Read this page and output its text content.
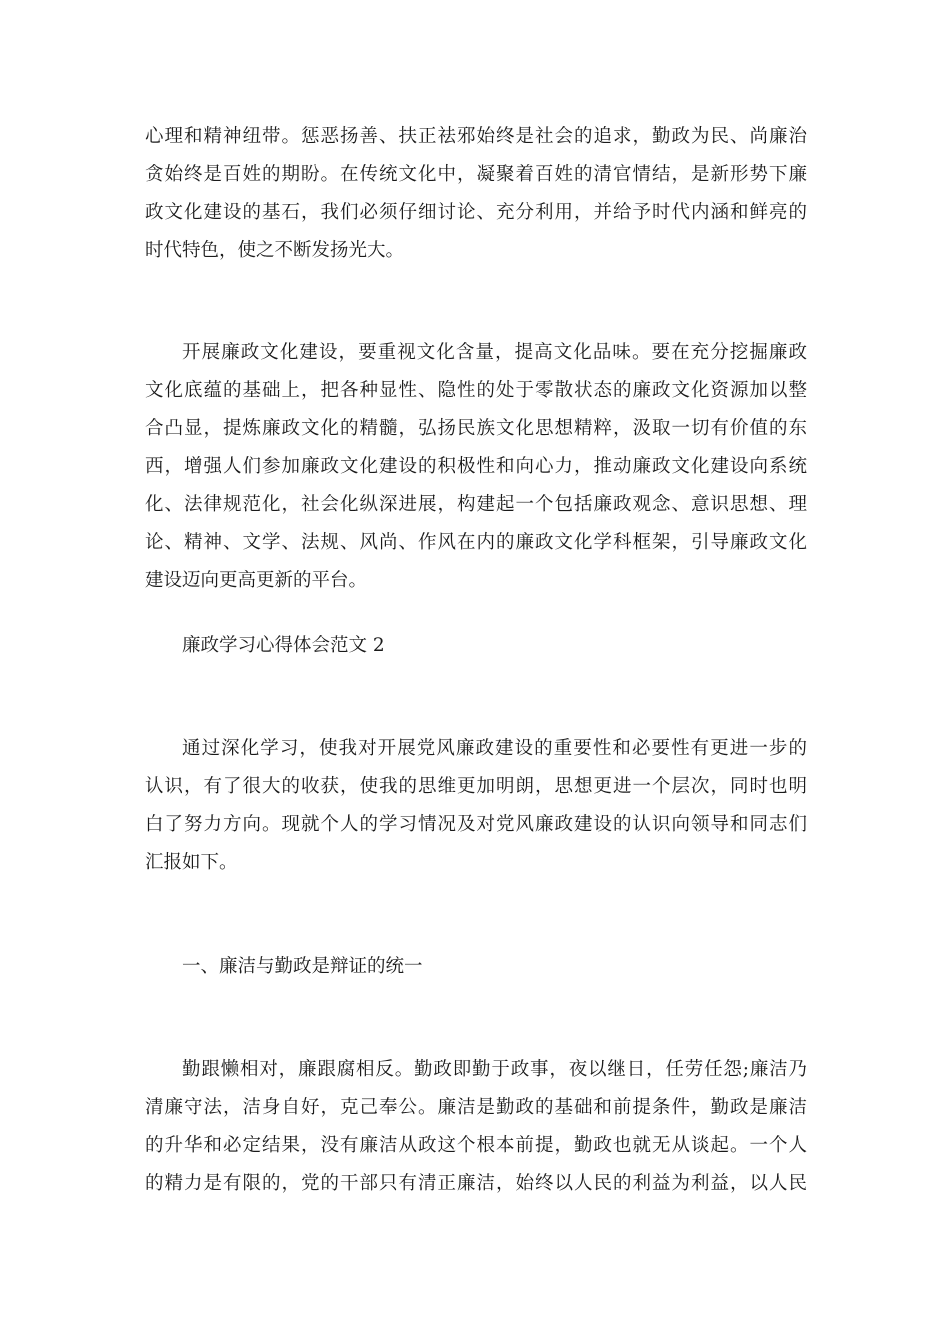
心理和精神纽带。惩恶扬善、扶正祛邪始终是社会的追求，勤政为民、尚廉治
贪始终是百姓的期盼。在传统文化中，凝聚着百姓的清官情结，是新形势下廉
政文化建设的基石，我们必须仔细讨论、充分利用，并给予时代内涵和鲜亮的
时代特色，使之不断发扬光大。
开展廉政文化建设，要重视文化含量，提高文化品味。要在充分挖掘廉政
文化底蕴的基础上，把各种显性、隐性的处于零散状态的廉政文化资源加以整
合凸显，提炼廉政文化的精髓，弘扬民族文化思想精粹，汲取一切有价值的东
西，增强人们参加廉政文化建设的积极性和向心力，推动廉政文化建设向系统
化、法律规范化，社会化纵深进展，构建起一个包括廉政观念、意识思想、理
论、精神、文学、法规、风尚、作风在内的廉政文化学科框架，引导廉政文化
建设迈向更高更新的平台。
廉政学习心得体会范文 2
通过深化学习，使我对开展党风廉政建设的重要性和必要性有更进一步的
认识，有了很大的收获，使我的思维更加明朗，思想更进一个层次，同时也明
白了努力方向。现就个人的学习情况及对党风廉政建设的认识向领导和同志们
汇报如下。
一、廉洁与勤政是辩证的统一
勤跟懒相对，廉跟腐相反。勤政即勤于政事，夜以继日，任劳任怨;廉洁乃
清廉守法，洁身自好，克己奉公。廉洁是勤政的基础和前提条件，勤政是廉洁
的升华和必定结果，没有廉洁从政这个根本前提，勤政也就无从谈起。一个人
的精力是有限的，党的干部只有清正廉洁，始终以人民的利益为利益，以人民
